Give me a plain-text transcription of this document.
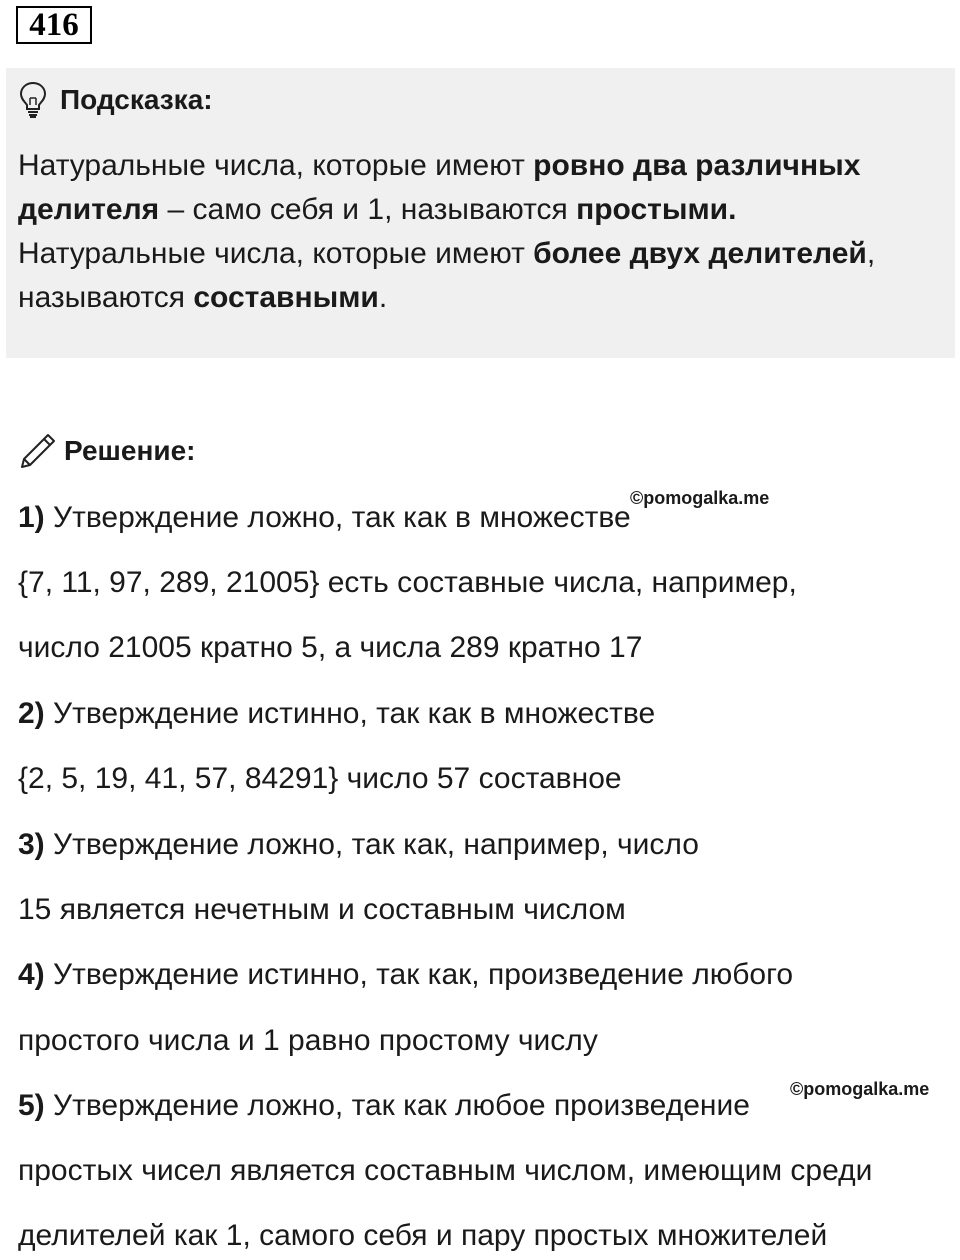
416
Подсказка:
Натуральные числа, которые имеют ровно два различных
делителя – само себя и 1, называются простыми.
Натуральные числа, которые имеют более двух делителей,
называются составными.
Решение:
1) Утверждение ложно, так как в множестве
{7, 11, 97, 289, 21005} есть составные числа, например,
число 21005 кратно 5, а числа 289 кратно 17
2) Утверждение истинно, так как в множестве
{2, 5, 19, 41, 57, 84291} число 57 составное
3) Утверждение ложно, так как, например, число
15 является нечетным и составным числом
4) Утверждение истинно, так как, произведение любого
простого числа и 1 равно простому числу
5) Утверждение ложно, так как любое произведение
простых чисел является составным числом, имеющим среди
делителей как 1, самого себя и пару простых множителей
©pomogalka.me
©pomogalka.me
